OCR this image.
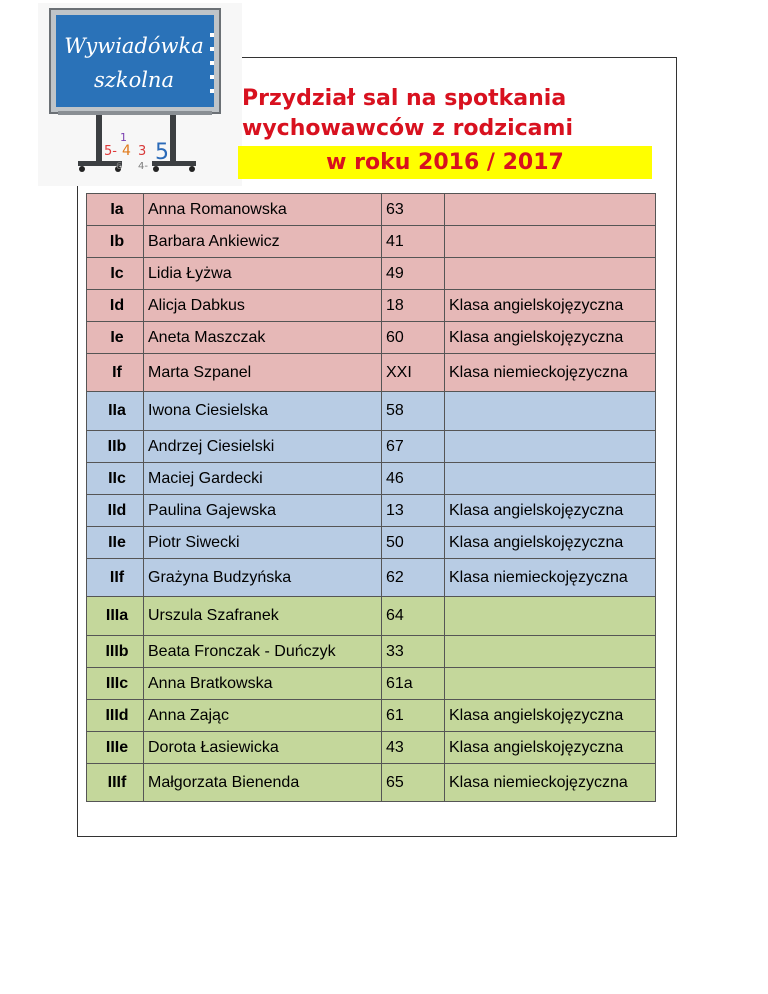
Wywiadówka
szkolna
1
5- 4 3 5
6 4-
Przydział sal na spotkania
wychowawców z rodzicami
w roku 2016 / 2017
Ia	Anna Romanowska	63	
Ib	Barbara Ankiewicz	41	
Ic	Lidia Łyżwa	49	
Id	Alicja Dabkus	18	Klasa angielskojęzyczna
Ie	Aneta Maszczak	60	Klasa angielskojęzyczna
If	Marta Szpanel	XXI	Klasa niemieckojęzyczna
IIa	Iwona Ciesielska	58	
IIb	Andrzej Ciesielski	67	
IIc	Maciej Gardecki	46	
IId	Paulina Gajewska	13	Klasa angielskojęzyczna
IIe	Piotr Siwecki	50	Klasa angielskojęzyczna
IIf	Grażyna Budzyńska	62	Klasa niemieckojęzyczna
IIIa	Urszula Szafranek	64	
IIIb	Beata Fronczak - Duńczyk	33	
IIIc	Anna Bratkowska	61a	
IIId	Anna Zając	61	Klasa angielskojęzyczna
IIIe	Dorota Łasiewicka	43	Klasa angielskojęzyczna
IIIf	Małgorzata Bienenda	65	Klasa niemieckojęzyczna
